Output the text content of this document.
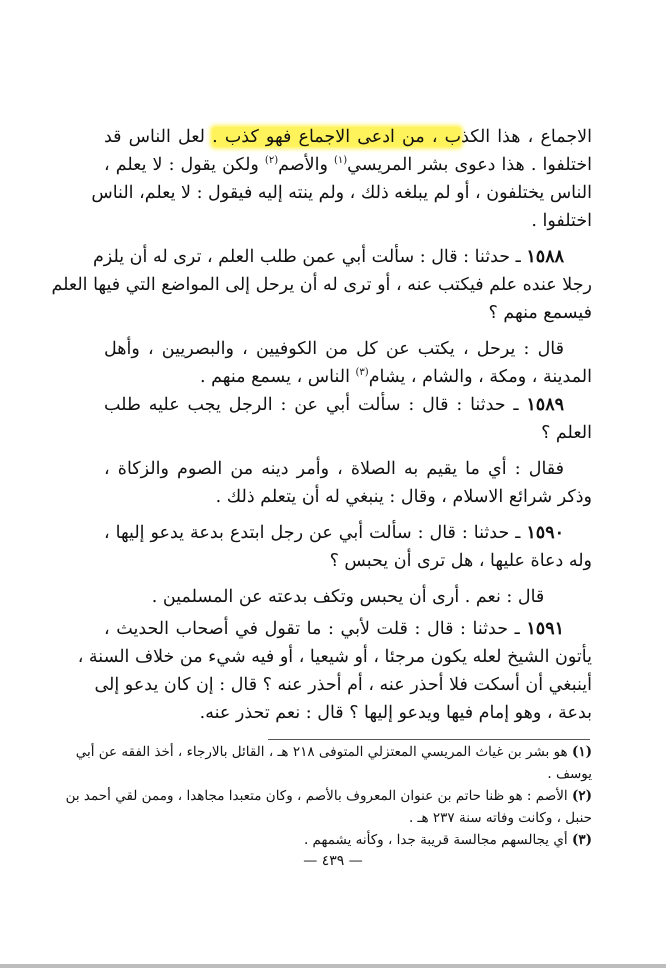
الاجماع ، هذا الكذب ، من ادعى الاجماع فهو كذب . لعل الناس قد
اختلفوا . هذا دعوى بشر المريسي$^{(١)}$ والأصم$^{(٢)}$ ولكن يقول : لا يعلم ،
الناس يختلفون ، أو لم يبلغه ذلك ، ولم ينته إليه فيقول : لا يعلم، الناس
اختلفوا .
١٥٨٨ ـ حدثنا : قال : سألت أبي عمن طلب العلم ، ترى له أن يلزم
رجلا عنده علم فيكتب عنه ، أو ترى له أن يرحل إلى المواضع التي فيها العلم
فيسمع منهم ؟
قال : يرحل ، يكتب عن كل من الكوفيين ، والبصريين ، وأهل
المدينة ، ومكة ، والشام ، يشام$^{(٣)}$ الناس ، يسمع منهم .
١٥٨٩ ـ حدثنا : قال : سألت أبي عن : الرجل يجب عليه طلب
العلم ؟
فقال : أي ما يقيم به الصلاة ، وأمر دينه من الصوم والزكاة ،
وذكر شرائع الاسلام ، وقال : ينبغي له أن يتعلم ذلك .
١٥٩٠ ـ حدثنا : قال : سألت أبي عن رجل ابتدع بدعة يدعو إليها ،
وله دعاة عليها ، هل ترى أن يحبس ؟
قال : نعم . أرى أن يحبس وتكف بدعته عن المسلمين .
١٥٩١ ـ حدثنا : قال : قلت لأبي : ما تقول في أصحاب الحديث ،
يأتون الشيخ لعله يكون مرجئا ، أو شيعيا ، أو فيه شيء من خلاف السنة ،
أينبغي أن أسكت فلا أحذر عنه ، أم أحذر عنه ؟ قال : إن كان يدعو إلى
بدعة ، وهو إمام فيها ويدعو إليها ؟ قال : نعم تحذر عنه.
(١) هو بشر بن غياث المريسي المعتزلي المتوفى ٢١٨ هـ ، القائل بالارجاء ، أخذ الفقه عن أبي
يوسف .
(٢) الأصم : هو ظنا حاتم بن عنوان المعروف بالأصم ، وكان متعبدا مجاهدا ، وممن لقي أحمد بن
حنبل ، وكانت وفاته سنة ٢٣٧ هـ .
(٣) أي يجالسهم مجالسة قريبة جدا ، وكأنه يشمهم .
— ٤٣٩ —
